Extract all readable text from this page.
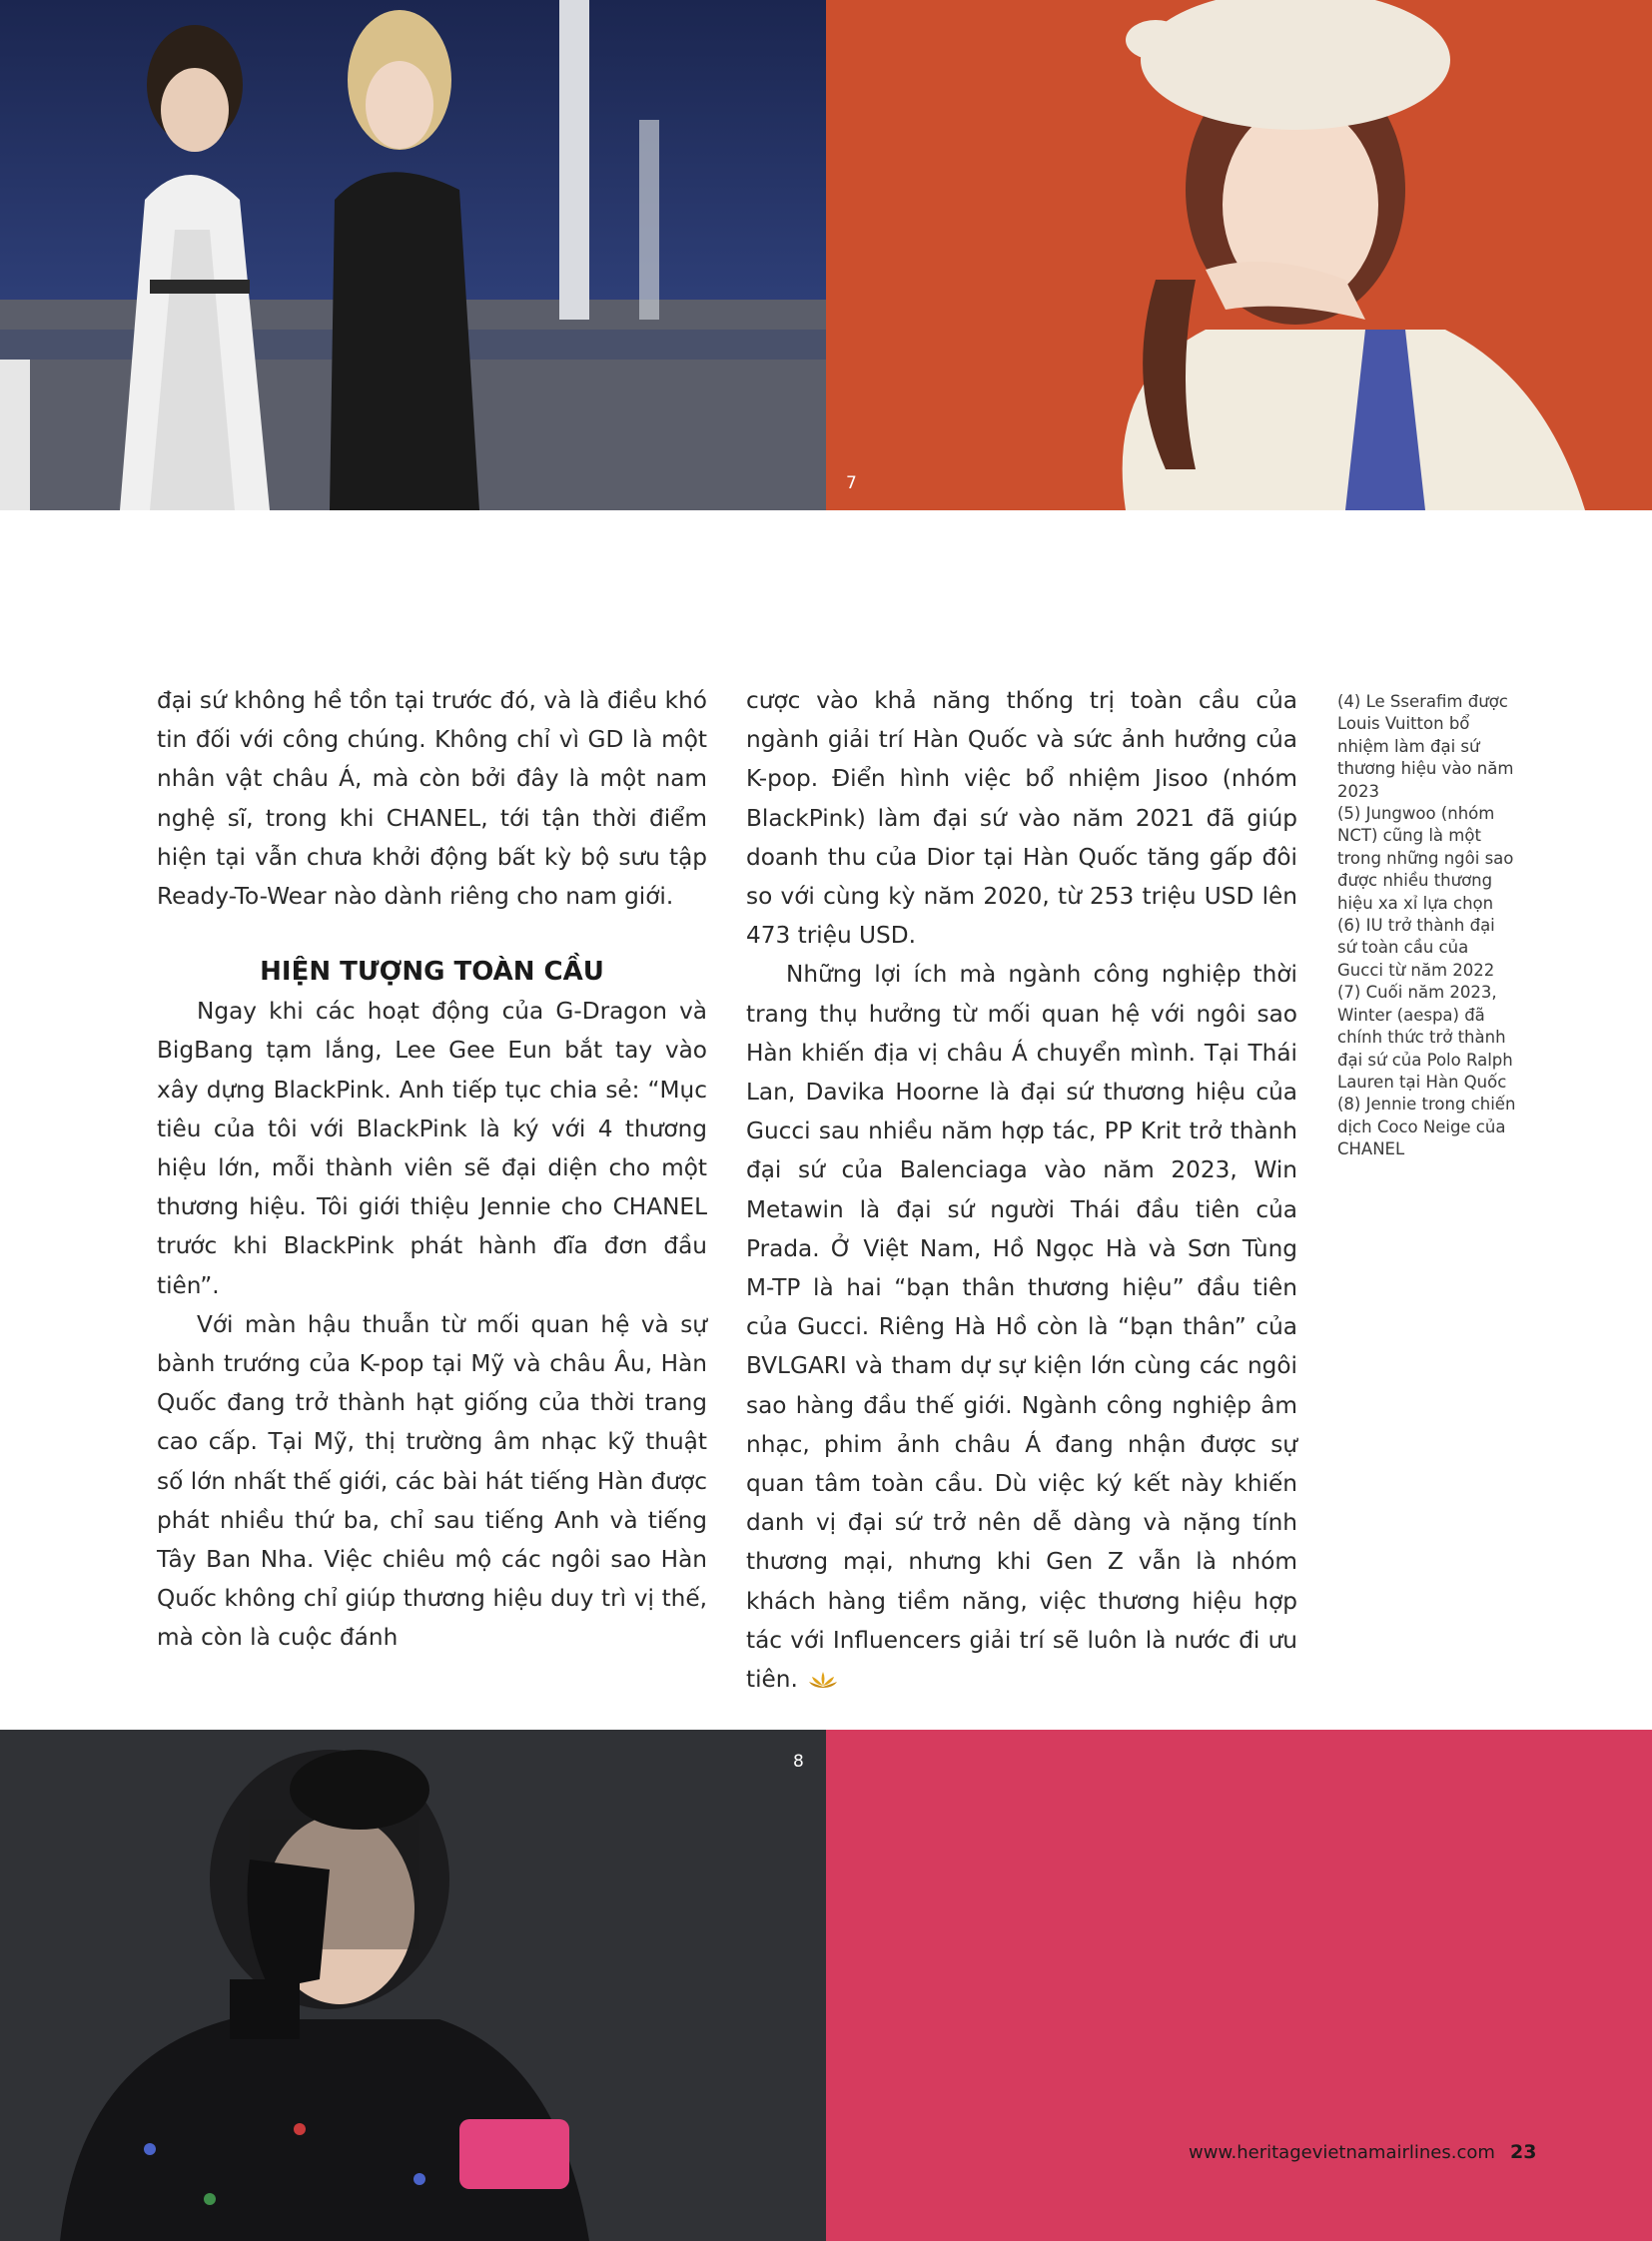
7

đại sứ không hề tồn tại trước đó, và là điều khó tin đối với công chúng. Không chỉ vì GD là một nhân vật châu Á, mà còn bởi đây là một nam nghệ sĩ, trong khi CHANEL, tới tận thời điểm hiện tại vẫn chưa khởi động bất kỳ bộ sưu tập Ready-To-Wear nào dành riêng cho nam giới.

HIỆN TƯỢNG TOÀN CẦU

Ngay khi các hoạt động của G-Dragon và BigBang tạm lắng, Lee Gee Eun bắt tay vào xây dựng BlackPink. Anh tiếp tục chia sẻ: “Mục tiêu của tôi với BlackPink là ký với 4 thương hiệu lớn, mỗi thành viên sẽ đại diện cho một thương hiệu. Tôi giới thiệu Jennie cho CHANEL trước khi BlackPink phát hành đĩa đơn đầu tiên”.

Với màn hậu thuẫn từ mối quan hệ và sự bành trướng của K-pop tại Mỹ và châu Âu, Hàn Quốc đang trở thành hạt giống của thời trang cao cấp. Tại Mỹ, thị trường âm nhạc kỹ thuật số lớn nhất thế giới, các bài hát tiếng Hàn được phát nhiều thứ ba, chỉ sau tiếng Anh và tiếng Tây Ban Nha. Việc chiêu mộ các ngôi sao Hàn Quốc không chỉ giúp thương hiệu duy trì vị thế, mà còn là cuộc đánh

cược vào khả năng thống trị toàn cầu của ngành giải trí Hàn Quốc và sức ảnh hưởng của K-pop. Điển hình việc bổ nhiệm Jisoo (nhóm BlackPink) làm đại sứ vào năm 2021 đã giúp doanh thu của Dior tại Hàn Quốc tăng gấp đôi so với cùng kỳ năm 2020, từ 253 triệu USD lên 473 triệu USD.

Những lợi ích mà ngành công nghiệp thời trang thụ hưởng từ mối quan hệ với ngôi sao Hàn khiến địa vị châu Á chuyển mình. Tại Thái Lan, Davika Hoorne là đại sứ thương hiệu của Gucci sau nhiều năm hợp tác, PP Krit trở thành đại sứ của Balenciaga vào năm 2023, Win Metawin là đại sứ người Thái đầu tiên của Prada. Ở Việt Nam, Hồ Ngọc Hà và Sơn Tùng M-TP là hai “bạn thân thương hiệu” đầu tiên của Gucci. Riêng Hà Hồ còn là “bạn thân” của BVLGARI và tham dự sự kiện lớn cùng các ngôi sao hàng đầu thế giới. Ngành công nghiệp âm nhạc, phim ảnh châu Á đang nhận được sự quan tâm toàn cầu. Dù việc ký kết này khiến danh vị đại sứ trở nên dễ dàng và nặng tính thương mại, nhưng khi Gen Z vẫn là nhóm khách hàng tiềm năng, việc thương hiệu hợp tác với Influencers giải trí sẽ luôn là nước đi ưu tiên.

(4) Le Sserafim được Louis Vuitton bổ nhiệm làm đại sứ thương hiệu vào năm 2023
(5) Jungwoo (nhóm NCT) cũng là một trong những ngôi sao được nhiều thương hiệu xa xỉ lựa chọn
(6) IU trở thành đại sứ toàn cầu của Gucci từ năm 2022
(7) Cuối năm 2023, Winter (aespa) đã chính thức trở thành đại sứ của Polo Ralph Lauren tại Hàn Quốc
(8) Jennie trong chiến dịch Coco Neige của CHANEL
8
www.heritagevietnamairlines.com 23
